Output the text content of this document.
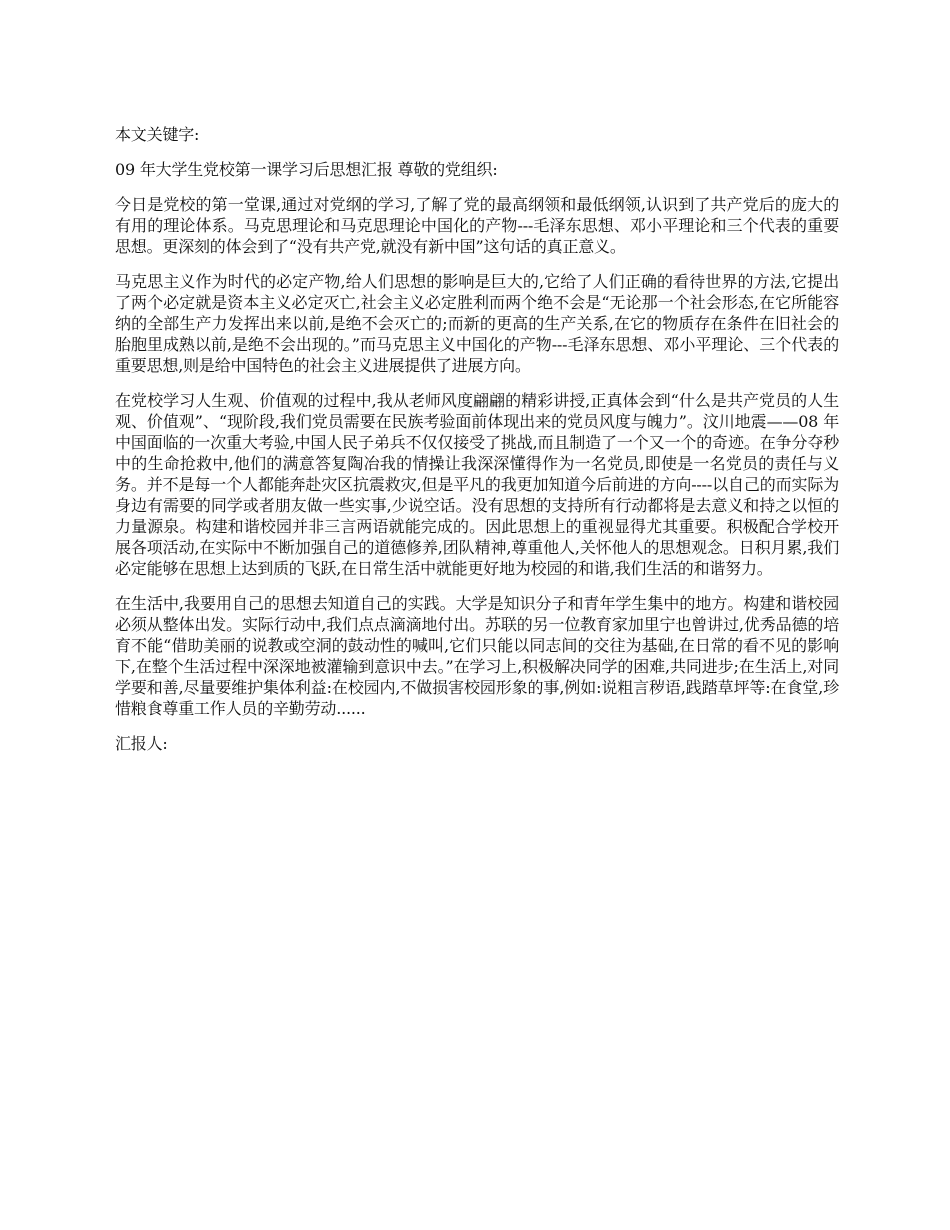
本文关键字:

09 年大学生党校第一课学习后思想汇报 尊敬的党组织:

今日是党校的第一堂课,通过对党纲的学习,了解了党的最高纲领和最低纲领,认识到了共产党后的庞大的有用的理论体系。马克思理论和马克思理论中国化的产物---毛泽东思想、邓小平理论和三个代表的重要思想。更深刻的体会到了“没有共产党,就没有新中国”这句话的真正意义。

马克思主义作为时代的必定产物,给人们思想的影响是巨大的,它给了人们正确的看待世界的方法,它提出了两个必定就是资本主义必定灭亡,社会主义必定胜利而两个绝不会是“无论那一个社会形态,在它所能容纳的全部生产力发挥出来以前,是绝不会灭亡的;而新的更高的生产关系,在它的物质存在条件在旧社会的胎胞里成熟以前,是绝不会出现的。”而马克思主义中国化的产物---毛泽东思想、邓小平理论、三个代表的重要思想,则是给中国特色的社会主义进展提供了进展方向。

在党校学习人生观、价值观的过程中,我从老师风度翩翩的精彩讲授,正真体会到“什么是共产党员的人生观、价值观”、“现阶段,我们党员需要在民族考验面前体现出来的党员风度与魄力”。汶川地震——08 年中国面临的一次重大考验,中国人民子弟兵不仅仅接受了挑战,而且制造了一个又一个的奇迹。在争分夺秒中的生命抢救中,他们的满意答复陶冶我的情操让我深深懂得作为一名党员,即使是一名党员的责任与义务。并不是每一个人都能奔赴灾区抗震救灾,但是平凡的我更加知道今后前进的方向----以自己的而实际为身边有需要的同学或者朋友做一些实事,少说空话。没有思想的支持所有行动都将是去意义和持之以恒的力量源泉。构建和谐校园并非三言两语就能完成的。因此思想上的重视显得尤其重要。积极配合学校开展各项活动,在实际中不断加强自己的道德修养,团队精神,尊重他人,关怀他人的思想观念。日积月累,我们必定能够在思想上达到质的飞跃,在日常生活中就能更好地为校园的和谐,我们生活的和谐努力。

在生活中,我要用自己的思想去知道自己的实践。大学是知识分子和青年学生集中的地方。构建和谐校园必须从整体出发。实际行动中,我们点点滴滴地付出。苏联的另一位教育家加里宁也曾讲过,优秀品德的培育不能“借助美丽的说教或空洞的鼓动性的喊叫,它们只能以同志间的交往为基础,在日常的看不见的影响下,在整个生活过程中深深地被灌输到意识中去。”在学习上,积极解决同学的困难,共同进步;在生活上,对同学要和善,尽量要维护集体利益:在校园内,不做损害校园形象的事,例如:说粗言秽语,践踏草坪等:在食堂,珍惜粮食尊重工作人员的辛勤劳动......

汇报人:
